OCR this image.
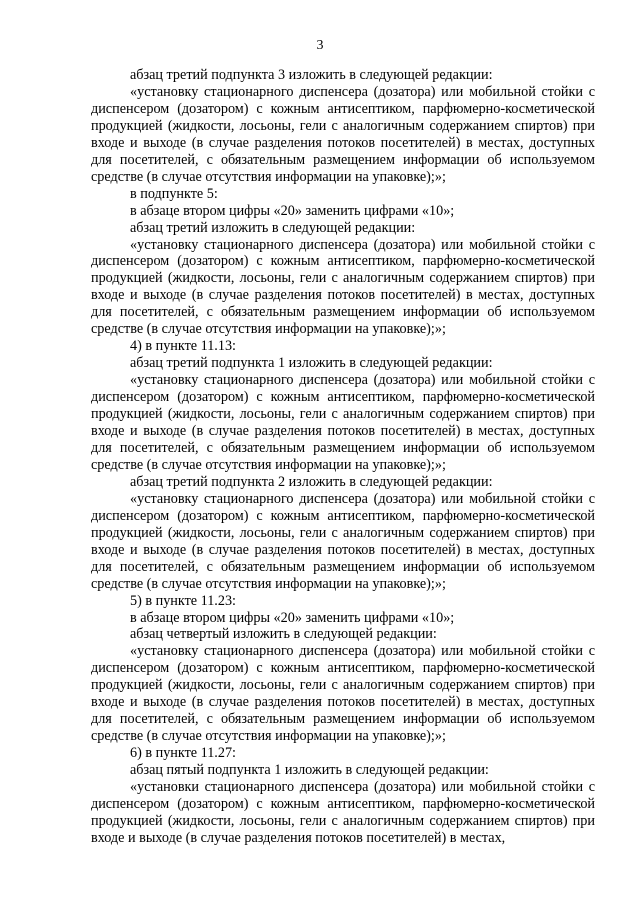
3

абзац третий подпункта 3 изложить в следующей редакции:

«установку стационарного диспенсера (дозатора) или мобильной стойки с диспенсером (дозатором) с кожным антисептиком, парфюмерно-косметической продукцией (жидкости, лосьоны, гели с аналогичным содержанием спиртов) при входе и выходе (в случае разделения потоков посетителей) в местах, доступных для посетителей, с обязательным размещением информации об используемом средстве (в случае отсутствия информации на упаковке);»;

в подпункте 5:

в абзаце втором цифры «20» заменить цифрами «10»;

абзац третий изложить в следующей редакции:

«установку стационарного диспенсера (дозатора) или мобильной стойки с диспенсером (дозатором) с кожным антисептиком, парфюмерно-косметической продукцией (жидкости, лосьоны, гели с аналогичным содержанием спиртов) при входе и выходе (в случае разделения потоков посетителей) в местах, доступных для посетителей, с обязательным размещением информации об используемом средстве (в случае отсутствия информации на упаковке);»;

4) в пункте 11.13:

абзац третий подпункта 1 изложить в следующей редакции:

«установку стационарного диспенсера (дозатора) или мобильной стойки с диспенсером (дозатором) с кожным антисептиком, парфюмерно-косметической продукцией (жидкости, лосьоны, гели с аналогичным содержанием спиртов) при входе и выходе (в случае разделения потоков посетителей) в местах, доступных для посетителей, с обязательным размещением информации об используемом средстве (в случае отсутствия информации на упаковке);»;

абзац третий подпункта 2 изложить в следующей редакции:

«установку стационарного диспенсера (дозатора) или мобильной стойки с диспенсером (дозатором) с кожным антисептиком, парфюмерно-косметической продукцией (жидкости, лосьоны, гели с аналогичным содержанием спиртов) при входе и выходе (в случае разделения потоков посетителей) в местах, доступных для посетителей, с обязательным размещением информации об используемом средстве (в случае отсутствия информации на упаковке);»;

5) в пункте 11.23:

в абзаце втором цифры «20» заменить цифрами «10»;

абзац четвертый изложить в следующей редакции:

«установку стационарного диспенсера (дозатора) или мобильной стойки с диспенсером (дозатором) с кожным антисептиком, парфюмерно-косметической продукцией (жидкости, лосьоны, гели с аналогичным содержанием спиртов) при входе и выходе (в случае разделения потоков посетителей) в местах, доступных для посетителей, с обязательным размещением информации об используемом средстве (в случае отсутствия информации на упаковке);»;

6) в пункте 11.27:

абзац пятый подпункта 1 изложить в следующей редакции:

«установки стационарного диспенсера (дозатора) или мобильной стойки с диспенсером (дозатором) с кожным антисептиком, парфюмерно-косметической продукцией (жидкости, лосьоны, гели с аналогичным содержанием спиртов) при входе и выходе (в случае разделения потоков посетителей) в местах,
